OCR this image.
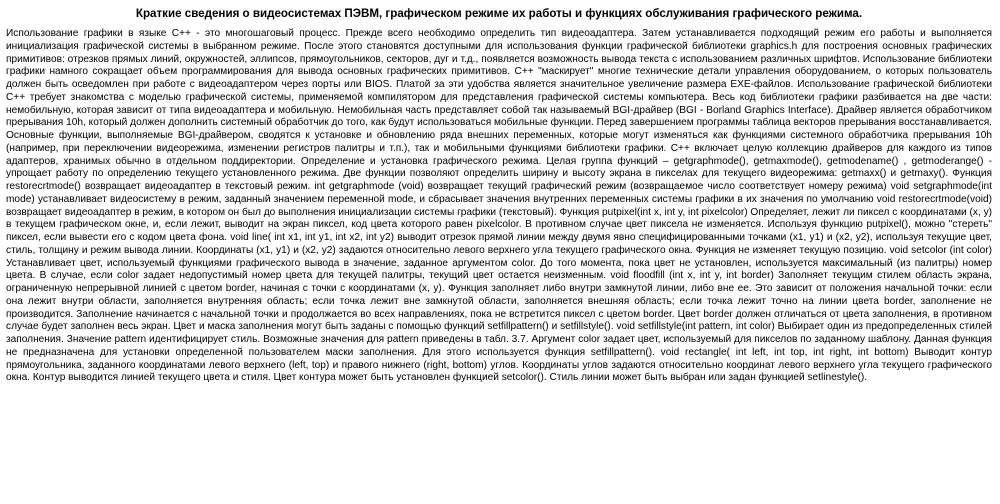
Краткие сведения о видеосистемах ПЭВМ, графическом режиме их работы и функциях обслуживания графического режима.

Использование графики в языке С++ - это многошаговый процесс. Прежде всего необходимо определить тип видеоадаптера. Затем устанавливается подходящий режим его работы и выполняется инициализация графической системы в выбранном режиме. После этого становятся доступными для использования функции графической библиотеки graphics.h для построения основных графических примитивов: отрезков прямых линий, окружностей, эллипсов, прямоугольников, секторов, дуг и т.д., появляется возможность вывода текста с использованием различных шрифтов. Использование библиотеки графики намного сокращает объем программирования для вывода основных графических примитивов. С++ "маскирует" многие технические детали управления оборудованием, о которых пользователь должен быть осведомлен при работе с видеоадаптером через порты или BIOS. Платой за эти удобства является значительное увеличение размера EXE-файлов. Использование графической библиотеки С++ требует знакомства с моделью графической системы, применяемой компилятором для представления графической системы компьютера. Весь код библиотеки графики разбивается на две части: немобильную, которая зависит от типа видеоадаптера и мобильную. Немобильная часть представляет собой так называемый BGI-драйвер (BGI - Borland Graphics Interface). Драйвер является обработчиком прерывания 10h, который должен дополнить системный обработчик до того, как будут использоваться мобильные функции. Перед завершением программы таблица векторов прерывания восстанавливается. Основные функции, выполняемые BGI-драйвером, сводятся к установке и обновлению ряда внешних переменных, которые могут изменяться как функциями системного обработчика прерывания 10h (например, при переключении видеорежима, изменении регистров палитры и т.п.), так и мобильными функциями библиотеки графики. С++ включает целую коллекцию драйверов для каждого из типов адаптеров, хранимых обычно в отдельном поддиректории. Определение и установка графического режима. Целая группа функций – getgraphmode(), getmaxmode(), getmodename() , getmoderange() - упрощает работу по определению текущего установленного режима. Две функции позволяют определить ширину и высоту экрана в пикселах для текущего видеорежима: getmaxx() и getmaxy(). Функция restorecrtmode() возвращает видеоадаптер в текстовый режим. int getgraphmode (void) возвращает текущий графический режим (возвращаемое число соответствует номеру режима) void setgraphmode(int mode) устанавливает видеосистему в режим, заданный значением переменной mode, и сбрасывает значения внутренних переменных системы графики в их значения по умолчанию void restorecrtmode(void) возвращает видеоадаптер в режим, в котором он был до выполнения инициализации системы графики (текстовый). Функция putpixel(int x, int y, int pixelcolor) Определяет, лежит ли пиксел с координатами (x, y) в текущем графическом окне, и, если лежит, выводит на экран пиксел, код цвета которого равен pixelcolor. В противном случае цвет пиксела не изменяется. Используя функцию putpixel(), можно "стереть" пиксел, если вывести его с кодом цвета фона. void line( int x1, int y1, int x2, int y2) выводит отрезок прямой линии между двумя явно специфицированными точками (x1, y1) и (x2, y2), используя текущие цвет, стиль, толщину и режим вывода линии. Координаты (x1, y1) и (x2, y2) задаются относительно левого верхнего угла текущего графического окна. Функция не изменяет текущую позицию. void setcolor (int color) Устанавливает цвет, используемый функциями графического вывода в значение, заданное аргументом color. До того момента, пока цвет не установлен, используется максимальный (из палитры) номер цвета. В случае, если color задает недопустимый номер цвета для текущей палитры, текущий цвет остается неизменным. void floodfill (int x, int y, int border) Заполняет текущим стилем область экрана, ограниченную непрерывной линией с цветом border, начиная с точки с координатами (x, y). Функция заполняет либо внутри замкнутой линии, либо вне ее. Это зависит от положения начальной точки: если она лежит внутри области, заполняется внутренняя область; если точка лежит вне замкнутой области, заполняется внешняя область; если точка лежит точно на линии цвета border, заполнение не производится. Заполнение начинается с начальной точки и продолжается во всех направлениях, пока не встретится пиксел с цветом border. Цвет border должен отличаться от цвета заполнения, в противном случае будет заполнен весь экран. Цвет и маска заполнения могут быть заданы с помощью функций setfillpattern() и setfillstyle(). void setfillstyle(int pattern, int color) Выбирает один из предопределенных стилей заполнения. Значение pattern идентифицирует стиль. Возможные значения для pattern приведены в табл. 3.7. Аргумент color задает цвет, используемый для пикселов по заданному шаблону. Данная функция не предназначена для установки определенной пользователем маски заполнения. Для этого используется функция setfillpattern(). void rectangle( int left, int top, int right, int bottom) Выводит контур прямоугольника, заданного координатами левого верхнего (left, top) и правого нижнего (right, bottom) углов. Координаты углов задаются относительно координат левого верхнего угла текущего графического окна. Контур выводится линией текущего цвета и стиля. Цвет контура может быть установлен функцией setcolor(). Стиль линии может быть выбран или задан функцией setlinestyle().
